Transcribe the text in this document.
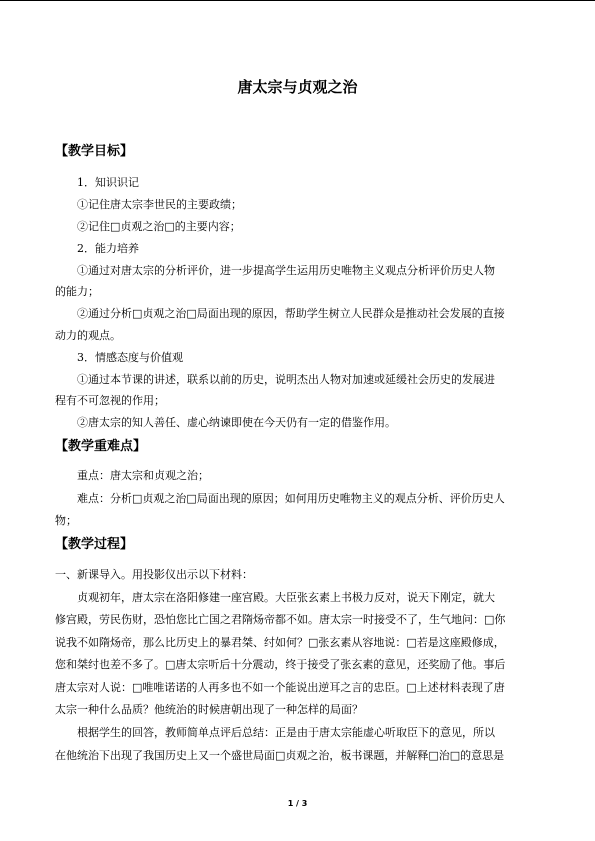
唐太宗与贞观之治
【教学目标】
1．知识识记
①记住唐太宗李世民的主要政绩；
②记住□贞观之治□的主要内容；
2．能力培养
①通过对唐太宗的分析评价，进一步提高学生运用历史唯物主义观点分析评价历史人物
的能力；
②通过分析□贞观之治□局面出现的原因，帮助学生树立人民群众是推动社会发展的直接
动力的观点。
3．情感态度与价值观
①通过本节课的讲述，联系以前的历史，说明杰出人物对加速或延缓社会历史的发展进
程有不可忽视的作用；
②唐太宗的知人善任、虚心纳谏即使在今天仍有一定的借鉴作用。
【教学重难点】
重点：唐太宗和贞观之治；
难点：分析□贞观之治□局面出现的原因；如何用历史唯物主义的观点分析、评价历史人
物；
【教学过程】
一、新课导入。用投影仪出示以下材料：
贞观初年，唐太宗在洛阳修建一座宫殿。大臣张玄素上书极力反对，说天下刚定，就大
修宫殿，劳民伤财，恐怕您比亡国之君隋炀帝都不如。唐太宗一时接受不了，生气地问：□你
说我不如隋炀帝，那么比历史上的暴君桀、纣如何？□张玄素从容地说：□若是这座殿修成，
您和桀纣也差不多了。□唐太宗听后十分震动，终于接受了张玄素的意见，还奖励了他。事后
唐太宗对人说：□唯唯诺诺的人再多也不如一个能说出逆耳之言的忠臣。□上述材料表现了唐
太宗一种什么品质？他统治的时候唐朝出现了一种怎样的局面？
根据学生的回答，教师简单点评后总结：正是由于唐太宗能虚心听取臣下的意见，所以
在他统治下出现了我国历史上又一个盛世局面□贞观之治，板书课题，并解释□治□的意思是
1 / 3
